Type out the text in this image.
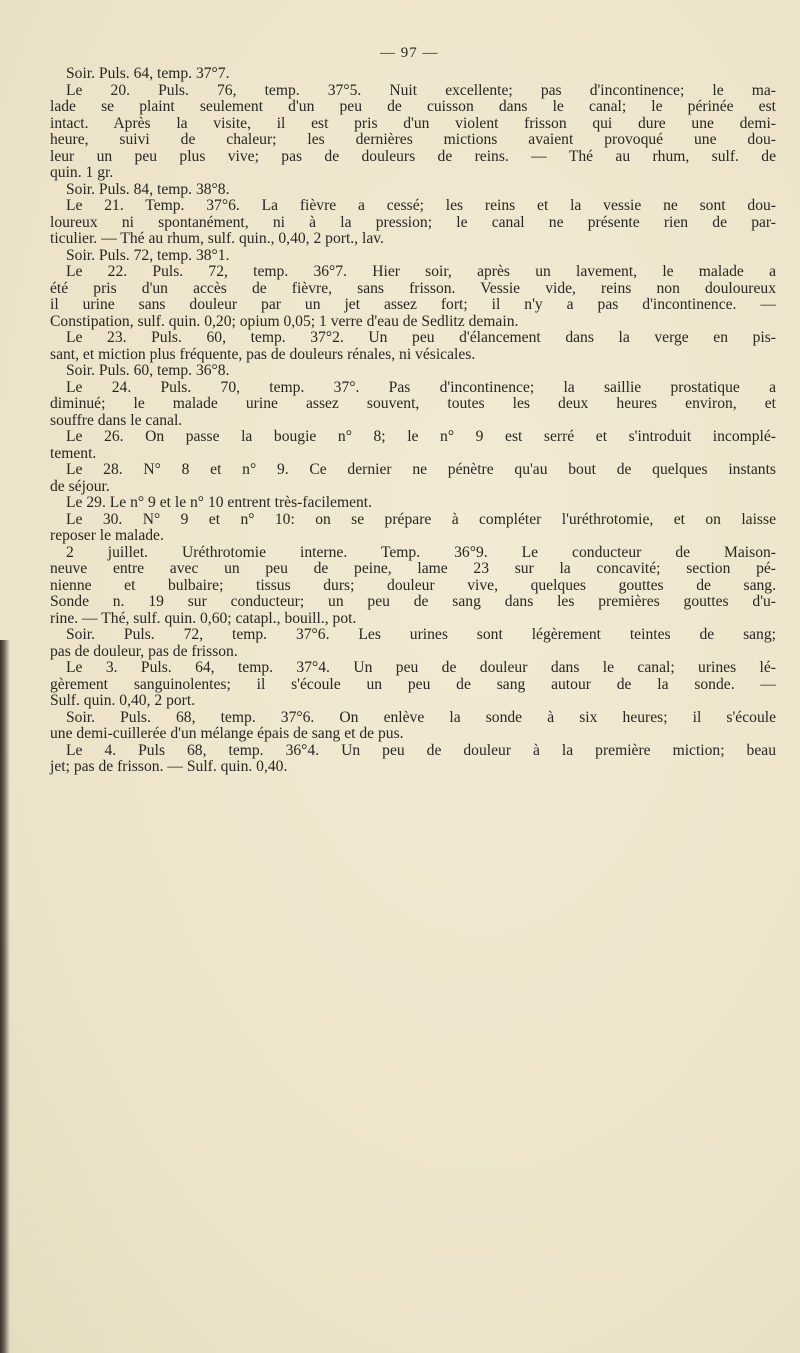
— 97 —
Soir. Puls. 64, temp. 37°7.
Le 20. Puls. 76, temp. 37°5. Nuit excellente; pas d'incontinence; le ma-
lade se plaint seulement d'un peu de cuisson dans le canal; le périnée est
intact. Après la visite, il est pris d'un violent frisson qui dure une demi-
heure, suivi de chaleur; les dernières mictions avaient provoqué une dou-
leur un peu plus vive; pas de douleurs de reins. — Thé au rhum, sulf. de
quin. 1 gr.
Soir. Puls. 84, temp. 38°8.
Le 21. Temp. 37°6. La fièvre a cessé; les reins et la vessie ne sont dou-
loureux ni spontanément, ni à la pression; le canal ne présente rien de par-
ticulier. — Thé au rhum, sulf. quin., 0,40, 2 port., lav.
Soir. Puls. 72, temp. 38°1.
Le 22. Puls. 72, temp. 36°7. Hier soir, après un lavement, le malade a
été pris d'un accès de fièvre, sans frisson. Vessie vide, reins non douloureux
il urine sans douleur par un jet assez fort; il n'y a pas d'incontinence. —
Constipation, sulf. quin. 0,20; opium 0,05; 1 verre d'eau de Sedlitz demain.
Le 23. Puls. 60, temp. 37°2. Un peu d'élancement dans la verge en pis-
sant, et miction plus fréquente, pas de douleurs rénales, ni vésicales.
Soir. Puls. 60, temp. 36°8.
Le 24. Puls. 70, temp. 37°. Pas d'incontinence; la saillie prostatique a
diminué; le malade urine assez souvent, toutes les deux heures environ, et
souffre dans le canal.
Le 26. On passe la bougie n° 8; le n° 9 est serré et s'introduit incomplé-
tement.
Le 28. N° 8 et n° 9. Ce dernier ne pénètre qu'au bout de quelques instants
de séjour.
Le 29. Le n° 9 et le n° 10 entrent très-facilement.
Le 30. N° 9 et n° 10: on se prépare à compléter l'uréthrotomie, et on laisse
reposer le malade.
2 juillet. Uréthrotomie interne. Temp. 36°9. Le conducteur de Maison-
neuve entre avec un peu de peine, lame 23 sur la concavité; section pé-
nienne et bulbaire; tissus durs; douleur vive, quelques gouttes de sang.
Sonde n. 19 sur conducteur; un peu de sang dans les premières gouttes d'u-
rine. — Thé, sulf. quin. 0,60; catapl., bouill., pot.
Soir. Puls. 72, temp. 37°6. Les urines sont légèrement teintes de sang;
pas de douleur, pas de frisson.
Le 3. Puls. 64, temp. 37°4. Un peu de douleur dans le canal; urines lé-
gèrement sanguinolentes; il s'écoule un peu de sang autour de la sonde. —
Sulf. quin. 0,40, 2 port.
Soir. Puls. 68, temp. 37°6. On enlève la sonde à six heures; il s'écoule
une demi-cuillerée d'un mélange épais de sang et de pus.
Le 4. Puls 68, temp. 36°4. Un peu de douleur à la première miction; beau
jet; pas de frisson. — Sulf. quin. 0,40.
